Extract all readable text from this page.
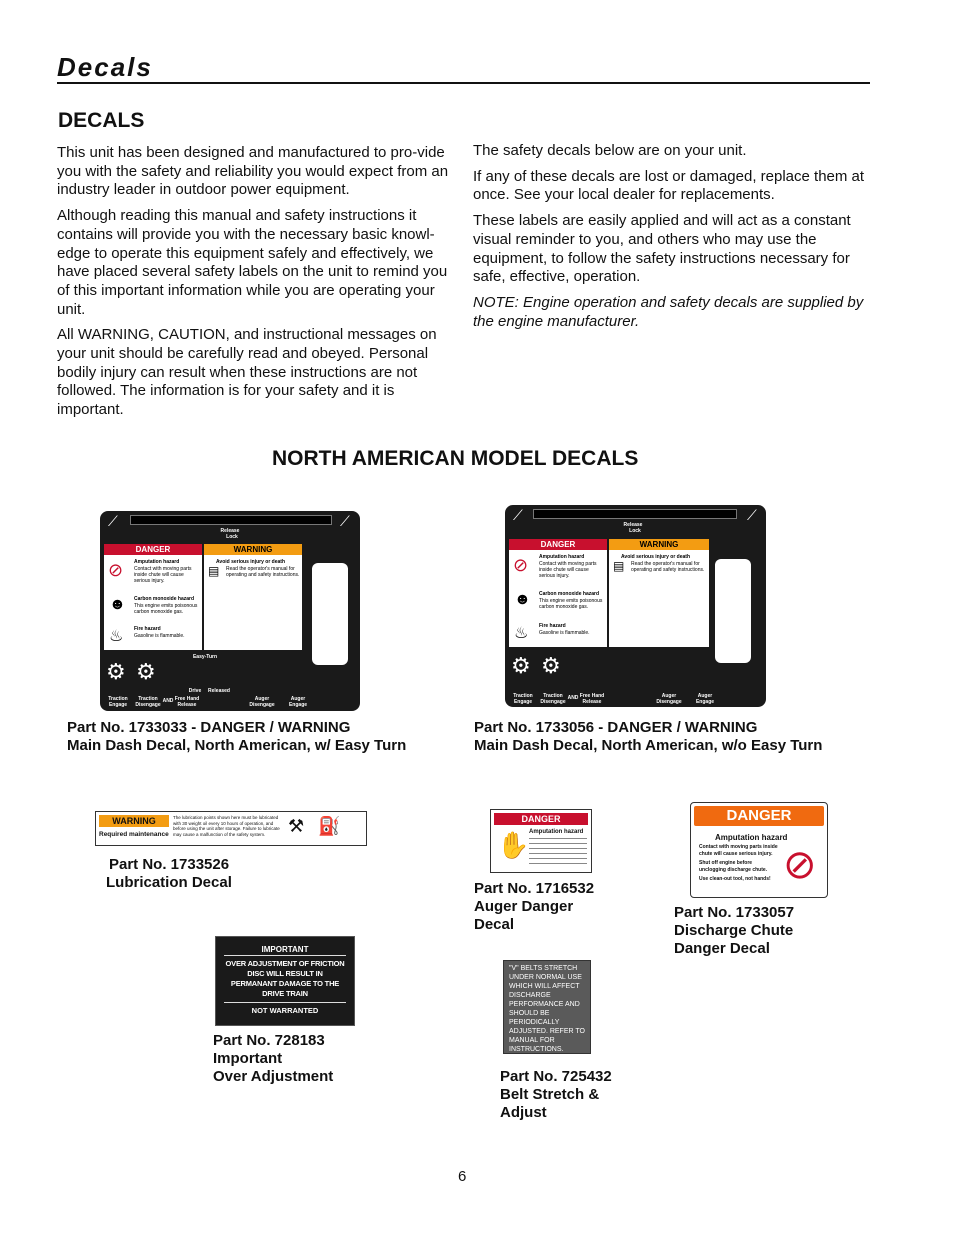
Decals
DECALS

This unit has been designed and manufactured to pro-vide you with the safety and reliability you would expect from an industry leader in outdoor power equipment.

Although reading this manual and safety instructions it contains will provide you with the necessary basic knowl-edge to operate this equipment safely and effectively, we have placed several safety labels on the unit to remind you of this important information while you are operating your unit.

All WARNING, CAUTION, and instructional messages on your unit should be carefully read and obeyed. Personal bodily injury can result when these instructions are not followed. The information is for your safety and it is important.

The safety decals below are on your unit.

If any of these decals are lost or damaged, replace them at once. See your local dealer for replacements.

These labels are easily applied and will act as a constant visual reminder to you, and others who may use the equipment, to follow the safety instructions necessary for safe, effective, operation.

NOTE: Engine operation and safety decals are supplied by the engine manufacturer.

NORTH AMERICAN MODEL DECALS
Release
Lock
⟋	⟋
DANGER
Amputation hazard
Contact with moving parts inside chute will cause serious injury.
Carbon monoxide hazard
This engine emits poisonous carbon monoxide gas.
Fire hazard
Gasoline is flammable.
⊘
☻
♨
WARNING
Avoid serious injury or death
Read the operator's manual for operating and safety instructions.
▤
⚙ ⚙
Traction Engage
Traction Disengage
AND Free Hand Release
Easy-Turn
Drive	Released
Auger Disengage
Auger Engage
Part No. 1733033 - DANGER / WARNING
Main Dash Decal, North American, w/ Easy Turn
Release
Lock
⟋	⟋
DANGER
Amputation hazard
Contact with moving parts inside chute will cause serious injury.
Carbon monoxide hazard
This engine emits poisonous carbon monoxide gas.
Fire hazard
Gasoline is flammable.
⊘
☻
♨
WARNING
Avoid serious injury or death
Read the operator's manual for operating and safety instructions.
▤
⚙ ⚙
Traction Engage
Traction Disengage
AND Free Hand Release
Auger Disengage
Auger Engage
Part No. 1733056 - DANGER / WARNING
Main Dash Decal, North American, w/o Easy Turn
WARNING
Required maintenance
The lubrication points shown here must be lubricated with 30 weight oil every 10 hours of operation, and before using the unit after storage. Failure to lubricate may cause a malfunction of the safety system.	⚒ ⛽
Part No. 1733526
Lubrication Decal
DANGER
Amputation hazard
✋
Part No. 1716532
Auger Danger
Decal
DANGER
Amputation hazard
Contact with moving parts inside chute will cause serious injury.
Shut off engine before unclogging discharge chute.
Use clean-out tool, not hands! ⊘
Part No. 1733057
Discharge Chute
Danger Decal
IMPORTANT
OVER ADJUSTMENT OF FRICTION DISC WILL RESULT IN PERMANANT DAMAGE TO THE DRIVE TRAIN
NOT WARRANTED
Part No. 728183
Important
Over Adjustment
"V" BELTS STRETCH UNDER NORMAL USE WHICH WILL AFFECT DISCHARGE PERFORMANCE AND SHOULD BE PERIODICALLY ADJUSTED. REFER TO MANUAL FOR INSTRUCTIONS.
Part No. 725432
Belt Stretch &
Adjust
6
